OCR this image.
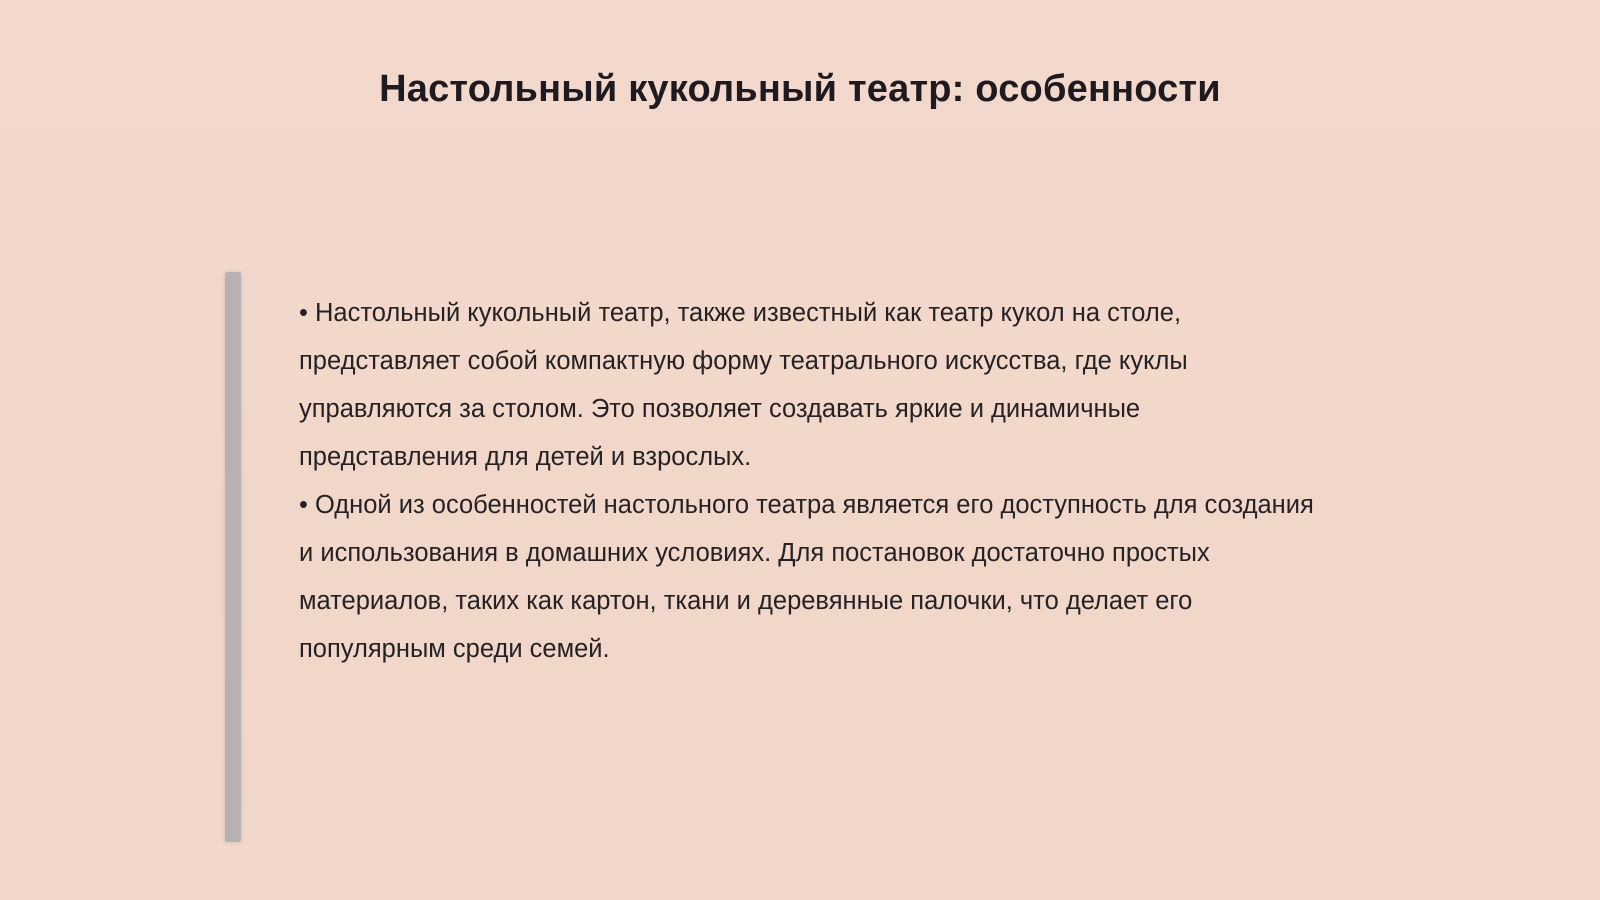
Настольный кукольный театр: особенности

• Настольный кукольный театр, также известный как театр кукол на столе, представляет собой компактную форму театрального искусства, где куклы управляются за столом. Это позволяет создавать яркие и динамичные представления для детей и взрослых.

• Одной из особенностей настольного театра является его доступность для создания и использования в домашних условиях. Для постановок достаточно простых материалов, таких как картон, ткани и деревянные палочки, что делает его популярным среди семей.
